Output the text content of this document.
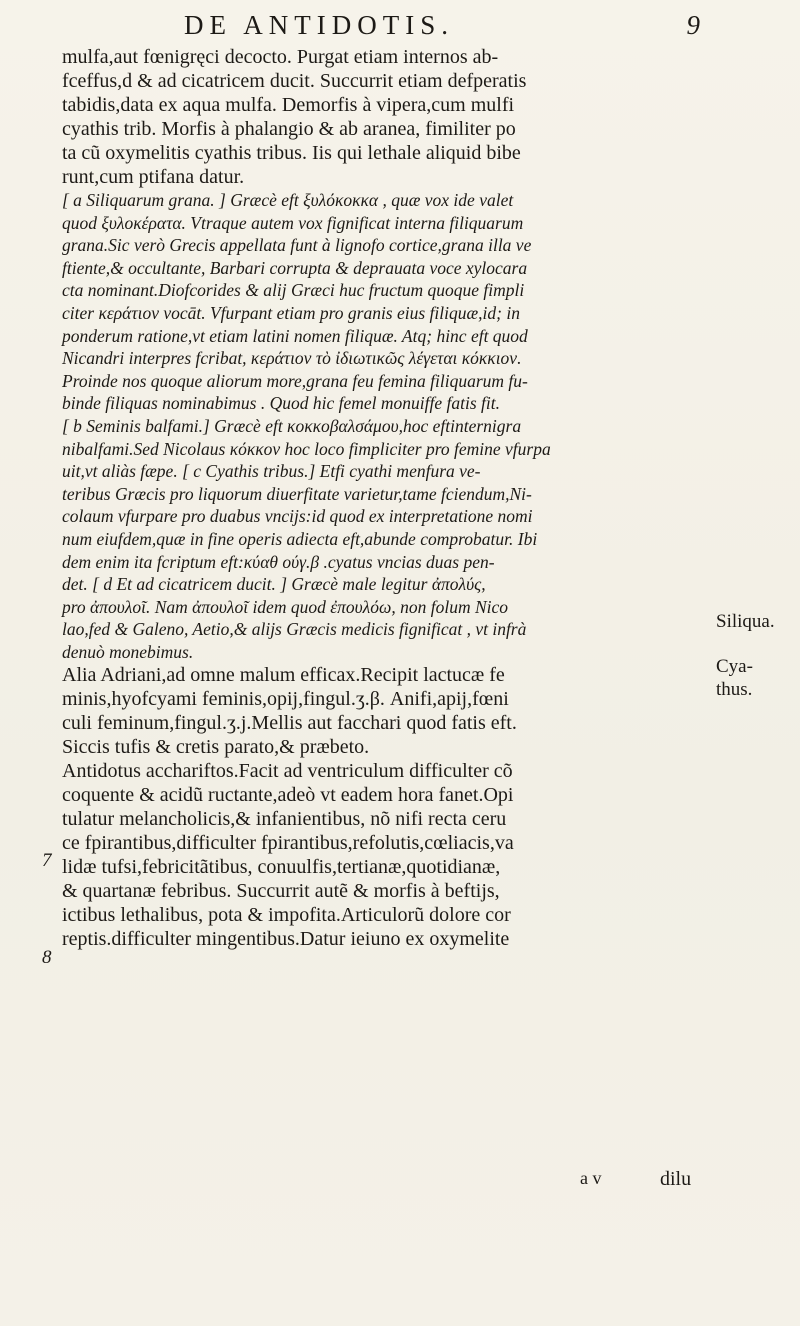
DE ANTIDOTIS.	9
mulfa,aut fœnigręci decocto. Purgat etiam internos ab-
fceffus,d & ad cicatricem ducit. Succurrit etiam defperatis
tabidis,data ex aqua mulfa. Demorfis à vipera,cum mulfi
cyathis trib. Morfis à phalangio & ab aranea, fimiliter po
ta cũ oxymelitis cyathis tribus. Iis qui lethale aliquid bibe
runt,cum ptifana datur.
[ a Siliquarum grana. ] Græcè eft ξυλόκοκκα , quæ vox ide valet
quod ξυλοκέρατα. Vtraque autem vox fignificat interna filiquarum
grana.Sic verò Grecis appellata funt à lignofo cortice,grana illa ve
ftiente,& occultante, Barbari corrupta & deprauata voce xylocara
cta nominant.Diofcorides & alij Græci huc fructum quoque fimpli
citer κεράτιον vocāt. Vfurpant etiam pro granis eius filiquæ,id; in
ponderum ratione,vt etiam latini nomen filiquæ. Atq; hinc eft quod
Nicandri interpres fcribat, κεράτιον τὸ ἰδιωτικῶς λέγεται κόκκιον.
Proinde nos quoque aliorum more,grana feu femina filiquarum fu-
binde filiquas nominabimus . Quod hic femel monuiffe fatis fit.
[ b Seminis balfami.] Græcè eft κοκκοβαλσάμου,hoc eftinternigra
nibalfami.Sed Nicolaus κόκκον hoc loco fimpliciter pro femine vfurpa
uit,vt aliàs fæpe. [ c Cyathis tribus.] Etfi cyathi menfura ve-
teribus Græcis pro liquorum diuerfitate varietur,tame fciendum,Ni-
colaum vfurpare pro duabus vncijs:id quod ex interpretatione nomi
num eiufdem,quæ in fine operis adiecta eft,abunde comprobatur. Ibi
dem enim ita fcriptum eft:κύαθ ούγ.β .cyatus vncias duas pen-
det. [ d Et ad cicatricem ducit. ] Græcè male legitur ἀπολύς,
pro ἀπουλοῖ. Nam ἀπουλοῖ idem quod ἐπουλόω, non folum Nico
lao,fed & Galeno, Aetio,& alijs Græcis medicis fignificat , vt infrà
denuò monebimus.
Alia Adriani,ad omne malum efficax.Recipit lactucæ fe
minis,hyofcyami feminis,opij,fingul.ʒ.β. Anifi,apij,fœni
culi feminum,fingul.ʒ.j.Mellis aut facchari quod fatis eft.
Siccis tufis & cretis parato,& præbeto.
Antidotus acchariftos.Facit ad ventriculum difficulter cõ
coquente & acidũ ructante,adeò vt eadem hora fanet.Opi
tulatur melancholicis,& infanientibus, nõ nifi recta ceru
ce fpirantibus,difficulter fpirantibus,refolutis,cœliacis,va
lidæ tufsi,febricitãtibus, conuulfis,tertianæ,quotidianæ,
& quartanæ febribus. Succurrit autẽ & morfis à beftijs,
ictibus lethalibus, pota & impofita.Articulorũ dolore cor
reptis.difficulter mingentibus.Datur ieiuno ex oxymelite
Siliqua.
Cya-
thus.
7
8
a v	dilu
